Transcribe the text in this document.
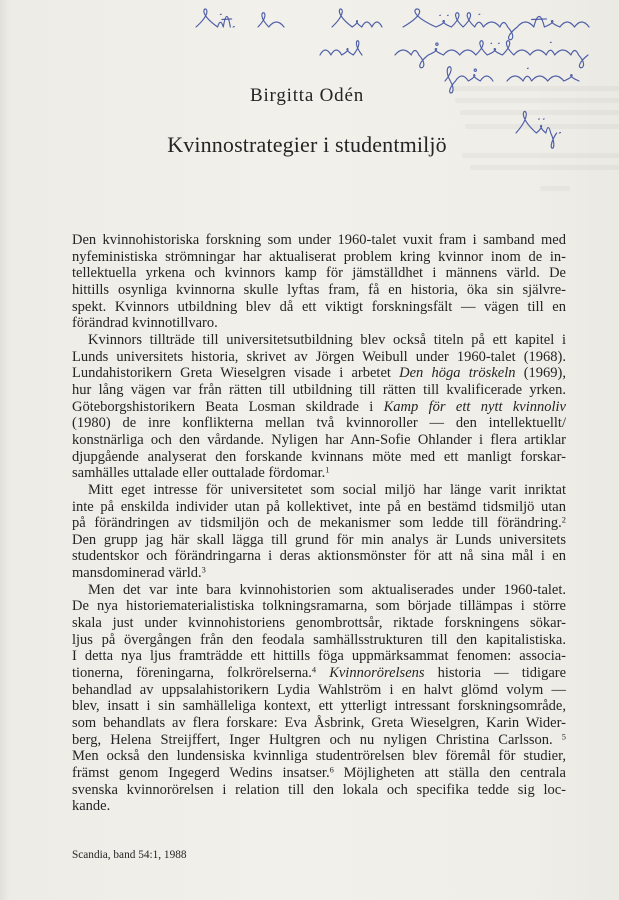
Birgitta Odén
Kvinnostrategier i studentmiljö
Den kvinnohistoriska forskning som under 1960-talet vuxit fram i samband med
nyfeministiska strömningar har aktualiserat problem kring kvinnor inom de in-
tellektuella yrkena och kvinnors kamp för jämställdhet i männens värld. De
hittills osynliga kvinnorna skulle lyftas fram, få en historia, öka sin självre-
spekt. Kvinnors utbildning blev då ett viktigt forskningsfält — vägen till en
förändrad kvinnotillvaro.
Kvinnors tillträde till universitetsutbildning blev också titeln på ett kapitel i
Lunds universitets historia, skrivet av Jörgen Weibull under 1960-talet (1968).
Lundahistorikern Greta Wieselgren visade i arbetet Den höga tröskeln (1969),
hur lång vägen var från rätten till utbildning till rätten till kvalificerade yrken.
Göteborgshistorikern Beata Losman skildrade i Kamp för ett nytt kvinnoliv
(1980) de inre konflikterna mellan två kvinnoroller — den intellektuellt/
konstnärliga och den vårdande. Nyligen har Ann-Sofie Ohlander i flera artiklar
djupgående analyserat den forskande kvinnans möte med ett manligt forskar-
samhälles uttalade eller outtalade fördomar.$^1$
Mitt eget intresse för universitetet som social miljö har länge varit inriktat
inte på enskilda individer utan på kollektivet, inte på en bestämd tidsmiljö utan
på förändringen av tidsmiljön och de mekanismer som ledde till förändring.$^2$
Den grupp jag här skall lägga till grund för min analys är Lunds universitets
studentskor och förändringarna i deras aktionsmönster för att nå sina mål i en
mansdominerad värld.$^3$
Men det var inte bara kvinnohistorien som aktualiserades under 1960-talet.
De nya historiematerialistiska tolkningsramarna, som började tillämpas i större
skala just under kvinnohistoriens genombrottsår, riktade forskningens sökar-
ljus på övergången från den feodala samhällsstrukturen till den kapitalistiska.
I detta nya ljus framträdde ett hittills föga uppmärksammat fenomen: associa-
tionerna, föreningarna, folkrörelserna.$^4$ Kvinnorörelsens historia — tidigare
behandlad av uppsalahistorikern Lydia Wahlström i en halvt glömd volym —
blev, insatt i sin samhälleliga kontext, ett ytterligt intressant forskningsområde,
som behandlats av flera forskare: Eva Åsbrink, Greta Wieselgren, Karin Wider-
berg, Helena Streijffert, Inger Hultgren och nu nyligen Christina Carlsson. $^5$
Men också den lundensiska kvinnliga studentrörelsen blev föremål för studier,
främst genom Ingegerd Wedins insatser.$^6$ Möjligheten att ställa den centrala
svenska kvinnorörelsen i relation till den lokala och specifika tedde sig loc-
kande.
Scandia, band 54:1, 1988
